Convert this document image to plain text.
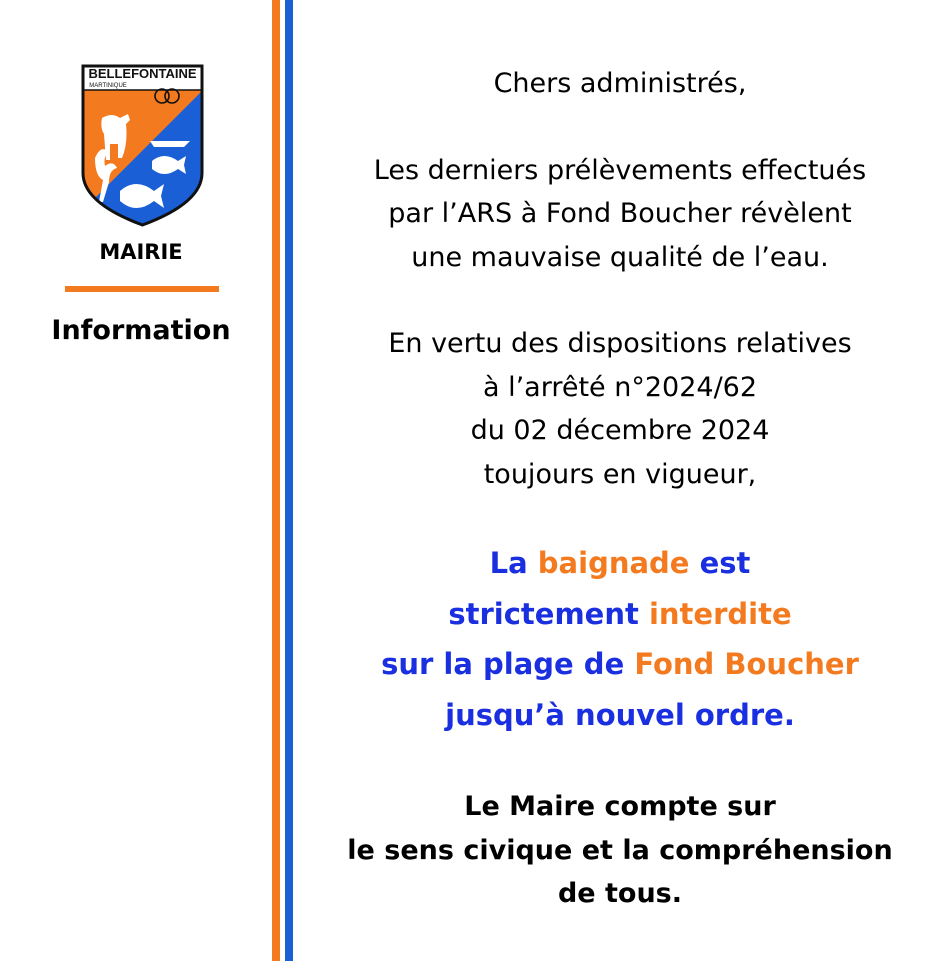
BELLEFONTAINE
MARTINIQUE
MAIRIE
Information

Chers administrés,

Les derniers prélèvements effectués

par l’ARS à Fond Boucher révèlent

une mauvaise qualité de l’eau.

En vertu des dispositions relatives

à l’arrêté n°2024/62

du 02 décembre 2024

toujours en vigueur,

La baignade est

strictement interdite

sur la plage de Fond Boucher

jusqu’à nouvel ordre.

Le Maire compte sur

le sens civique et la compréhension

de tous.
